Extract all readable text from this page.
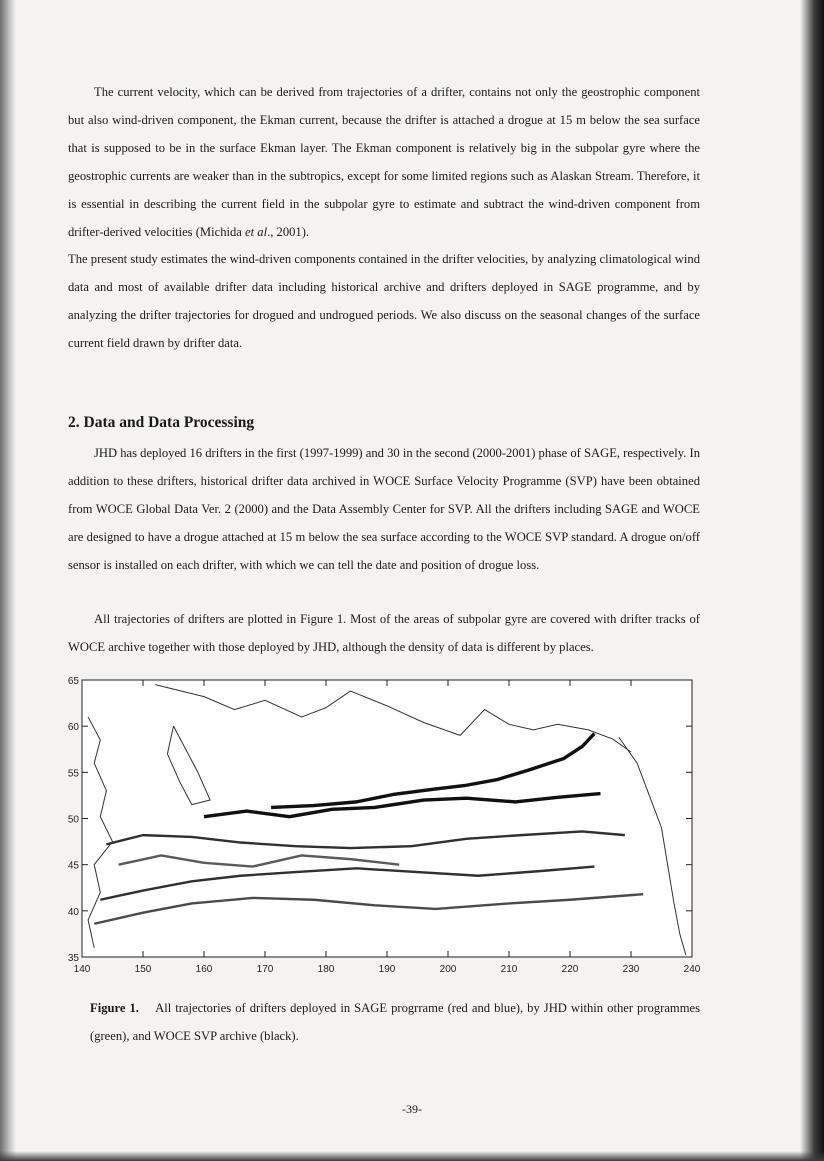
The current velocity, which can be derived from trajectories of a drifter, contains not only the geostrophic component but also wind-driven component, the Ekman current, because the drifter is attached a drogue at 15 m below the sea surface that is supposed to be in the surface Ekman layer. The Ekman component is relatively big in the subpolar gyre where the geostrophic currents are weaker than in the subtropics, except for some limited regions such as Alaskan Stream. Therefore, it is essential in describing the current field in the subpolar gyre to estimate and subtract the wind-driven component from drifter-derived velocities (Michida et al., 2001).

The present study estimates the wind-driven components contained in the drifter velocities, by analyzing climatological wind data and most of available drifter data including historical archive and drifters deployed in SAGE programme, and by analyzing the drifter trajectories for drogued and undrogued periods. We also discuss on the seasonal changes of the surface current field drawn by drifter data.

2. Data and Data Processing

JHD has deployed 16 drifters in the first (1997-1999) and 30 in the second (2000-2001) phase of SAGE, respectively. In addition to these drifters, historical drifter data archived in WOCE Surface Velocity Programme (SVP) have been obtained from WOCE Global Data Ver. 2 (2000) and the Data Assembly Center for SVP. All the drifters including SAGE and WOCE are designed to have a drogue attached at 15 m below the sea surface according to the WOCE SVP standard. A drogue on/off sensor is installed on each drifter, with which we can tell the date and position of drogue loss.

All trajectories of drifters are plotted in Figure 1. Most of the areas of subpolar gyre are covered with drifter tracks of WOCE archive together with those deployed by JHD, although the density of data is different by places.

140	150	160	170	180	190	200	210	220	230	240
65
60
55
50
45
40
35

Figure 1. All trajectories of drifters deployed in SAGE progrrame (red and blue), by JHD within other programmes (green), and WOCE SVP archive (black).

-39-
